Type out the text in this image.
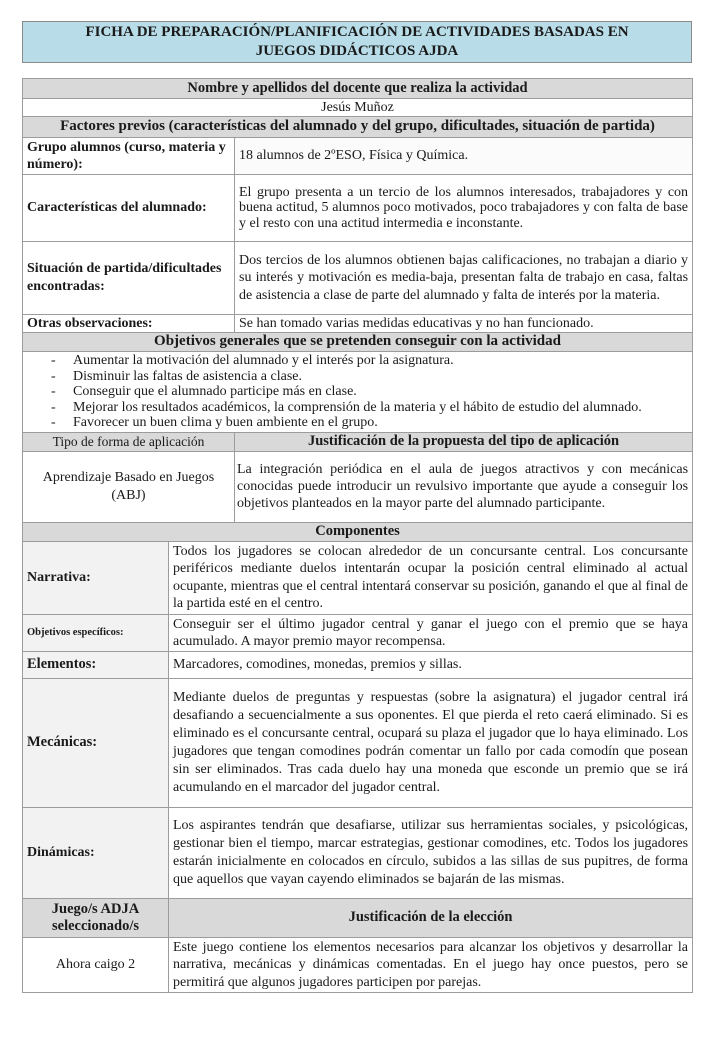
FICHA DE PREPARACIÓN/PLANIFICACIÓN DE ACTIVIDADES BASADAS EN
JUEGOS DIDÁCTICOS AJDA
Nombre y apellidos del docente que realiza la actividad		
Jesús Muñoz		
Factores previos (características del alumnado y del grupo, dificultades, situación de partida)		
Grupo alumnos (curso, materia y número):		18 alumnos de 2ºESO, Física y Química.
Características del alumnado:		El grupo presenta a un tercio de los alumnos interesados, trabajadores y con buena actitud, 5 alumnos poco motivados, poco trabajadores y con falta de base y el resto con una actitud intermedia e inconstante.
Situación de partida/dificultades encontradas:		Dos tercios de los alumnos obtienen bajas calificaciones, no trabajan a diario y su interés y motivación es media-baja, presentan falta de trabajo en casa, faltas de asistencia a clase de parte del alumnado y falta de interés por la materia.
Otras observaciones:		Se han tomado varias medidas educativas y no han funcionado.
Objetivos generales que se pretenden conseguir con la actividad		

- Aumentar la motivación del alumnado y el interés por la asignatura.
- Disminuir las faltas de asistencia a clase.
- Conseguir que el alumnado participe más en clase.
- Mejorar los resultados académicos, la comprensión de la materia y el hábito de estudio del alumnado.
- Favorecer un buen clima y buen ambiente en el grupo.

Tipo de forma de aplicación		Justificación de la propuesta del tipo de aplicación
Aprendizaje Basado en Juegos (ABJ)		La integración periódica en el aula de juegos atractivos y con mecánicas conocidas puede introducir un revulsivo importante que ayude a conseguir los objetivos planteados en la mayor parte del alumnado participante.
Componentes		
Narrativa:	Todos los jugadores se colocan alrededor de un concursante central. Los concursante periféricos mediante duelos intentarán ocupar la posición central eliminado al actual ocupante, mientras que el central intentará conservar su posición, ganando el que al final de la partida esté en el centro.	
Objetivos específicos:	Conseguir ser el último jugador central y ganar el juego con el premio que se haya acumulado. A mayor premio mayor recompensa.	
Elementos:	Marcadores, comodines, monedas, premios y sillas.	
Mecánicas:	Mediante duelos de preguntas y respuestas (sobre la asignatura) el jugador central irá desafiando a secuencialmente a sus oponentes. El que pierda el reto caerá eliminado. Si es eliminado es el concursante central, ocupará su plaza el jugador que lo haya eliminado. Los jugadores que tengan comodines podrán comentar un fallo por cada comodín que posean sin ser eliminados. Tras cada duelo hay una moneda que esconde un premio que se irá acumulando en el marcador del jugador central.	
Dinámicas:	Los aspirantes tendrán que desafiarse, utilizar sus herramientas sociales, y psicológicas, gestionar bien el tiempo, marcar estrategias, gestionar comodines, etc. Todos los jugadores estarán inicialmente en colocados en círculo, subidos a las sillas de sus pupitres, de forma que aquellos que vayan cayendo eliminados se bajarán de las mismas.	
Juego/s ADJA seleccionado/s	Justificación de la elección	
Ahora caigo 2	Este juego contiene los elementos necesarios para alcanzar los objetivos y desarrollar la narrativa, mecánicas y dinámicas comentadas. En el juego hay once puestos, pero se permitirá que algunos jugadores participen por parejas.	
